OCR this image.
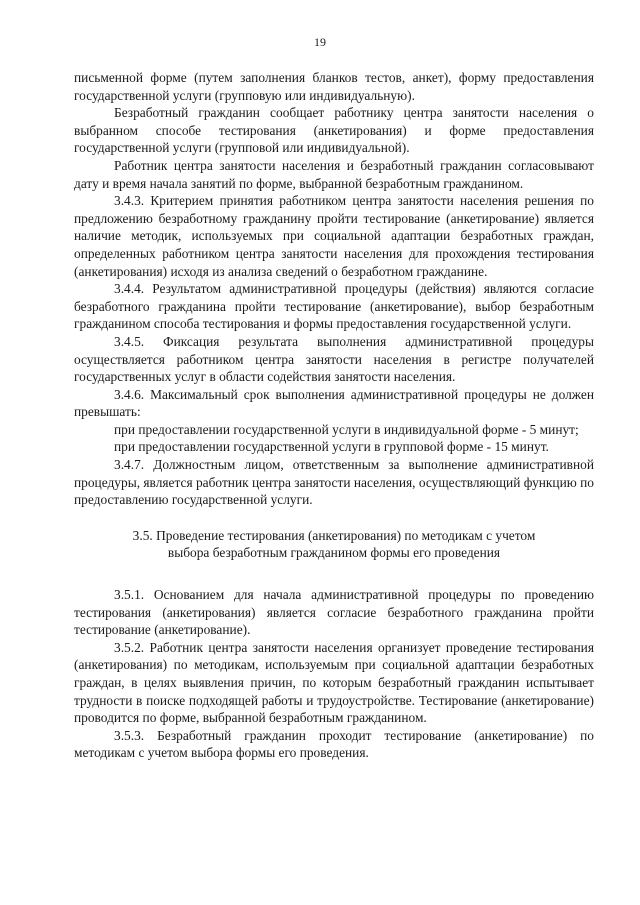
19

письменной форме (путем заполнения бланков тестов, анкет), форму предоставления государственной услуги (групповую или индивидуальную).

Безработный гражданин сообщает работнику центра занятости населения о выбранном способе тестирования (анкетирования) и форме предоставления государственной услуги (групповой или индивидуальной).

Работник центра занятости населения и безработный гражданин согласовывают дату и время начала занятий по форме, выбранной безработным гражданином.

3.4.3. Критерием принятия работником центра занятости населения решения по предложению безработному гражданину пройти тестирование (анкетирование) является наличие методик, используемых при социальной адаптации безработных граждан, определенных работником центра занятости населения для прохождения тестирования (анкетирования) исходя из анализа сведений о безработном гражданине.

3.4.4. Результатом административной процедуры (действия) являются согласие безработного гражданина пройти тестирование (анкетирование), выбор безработным гражданином способа тестирования и формы предоставления государственной услуги.

3.4.5. Фиксация результата выполнения административной процедуры осуществляется работником центра занятости населения в регистре получателей государственных услуг в области содействия занятости населения.

3.4.6. Максимальный срок выполнения административной процедуры не должен превышать:

при предоставлении государственной услуги в индивидуальной форме - 5 минут;

при предоставлении государственной услуги в групповой форме - 15 минут.

3.4.7. Должностным лицом, ответственным за выполнение административной процедуры, является работник центра занятости населения, осуществляющий функцию по предоставлению государственной услуги.

3.5. Проведение тестирования (анкетирования) по методикам с учетом
выбора безработным гражданином формы его проведения

3.5.1. Основанием для начала административной процедуры по проведению тестирования (анкетирования) является согласие безработного гражданина пройти тестирование (анкетирование).

3.5.2. Работник центра занятости населения организует проведение тестирования (анкетирования) по методикам, используемым при социальной адаптации безработных граждан, в целях выявления причин, по которым безработный гражданин испытывает трудности в поиске подходящей работы и трудоустройстве. Тестирование (анкетирование) проводится по форме, выбранной безработным гражданином.

3.5.3. Безработный гражданин проходит тестирование (анкетирование) по методикам с учетом выбора формы его проведения.
